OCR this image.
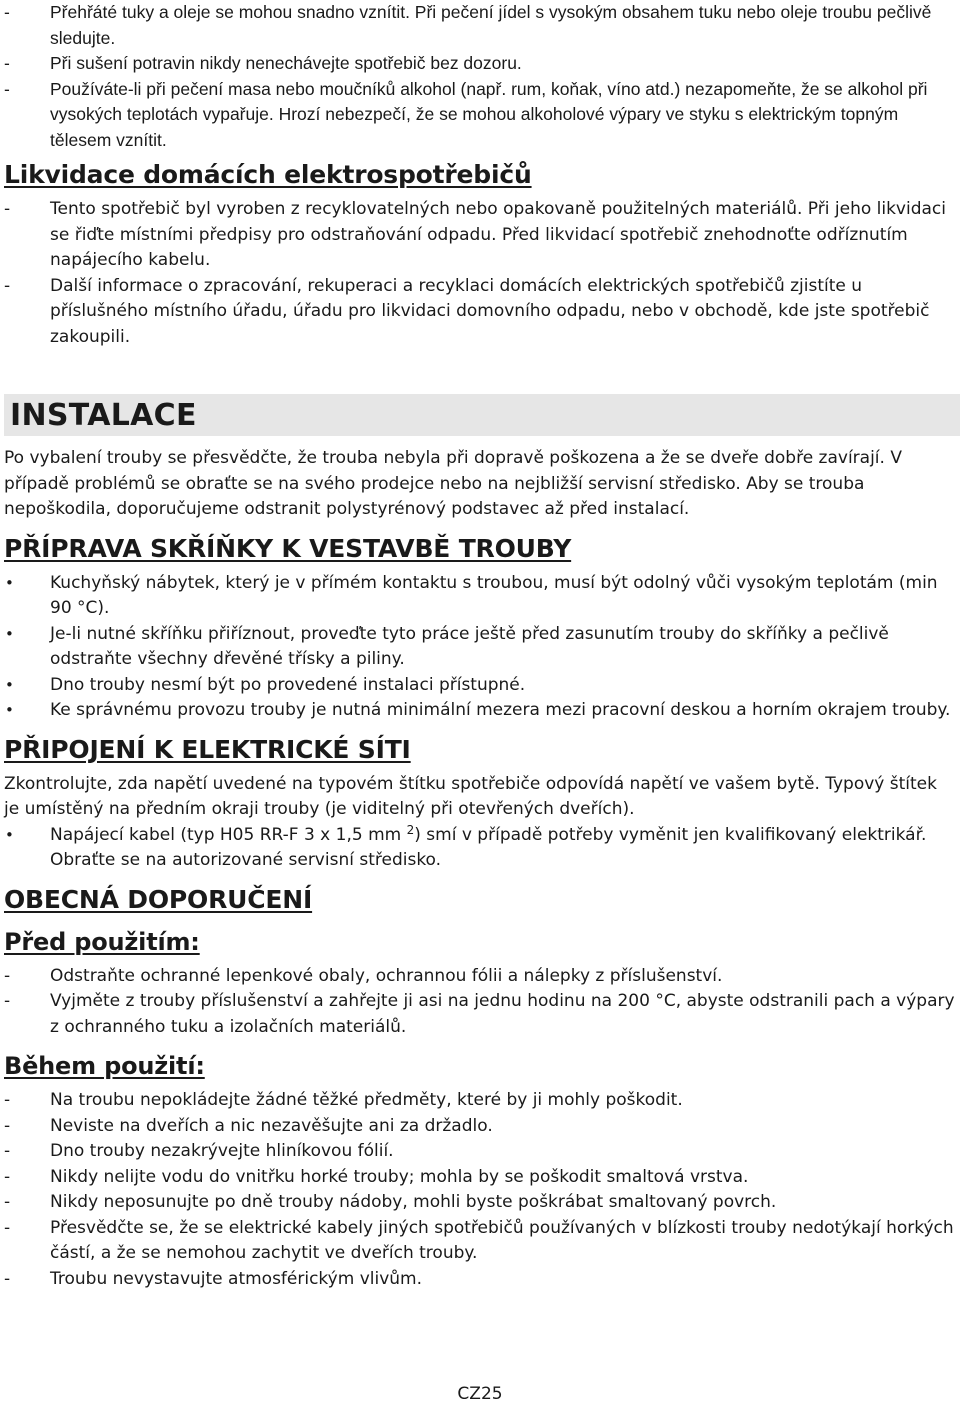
-	Přehřáté tuky a oleje se mohou snadno vznítit. Při pečení jídel s vysokým obsahem tuku nebo oleje troubu pečlivě sledujte.
-	Při sušení potravin nikdy nenechávejte spotřebič bez dozoru.
-	Používáte-li při pečení masa nebo moučníků alkohol (např. rum, koňak, víno atd.) nezapomeňte, že se alkohol při vysokých teplotách vypařuje. Hrozí nebezpečí, že se mohou alkoholové výpary ve styku s elektrickým topným tělesem vznítit.
Likvidace domácích elektrospotřebičů
-	Tento spotřebič byl vyroben z recyklovatelných nebo opakovaně použitelných materiálů. Při jeho likvidaci se řiďte místními předpisy pro odstraňování odpadu. Před likvidací spotřebič znehodnoťte odříznutím napájecího kabelu.
-	Další informace o zpracování, rekuperaci a recyklaci domácích elektrických spotřebičů zjistíte u příslušného místního úřadu, úřadu pro likvidaci domovního odpadu, nebo v obchodě, kde jste spotřebič zakoupili.
INSTALACE

Po vybalení trouby se přesvědčte, že trouba nebyla při dopravě poškozena a že se dveře dobře zavírají. V případě problémů se obraťte se na svého prodejce nebo na nejbližší servisní středisko. Aby se trouba nepoškodila, doporučujeme odstranit polystyrénový podstavec až před instalací.

PŘÍPRAVA SKŘÍŇKY K VESTAVBĚ TROUBY
•	Kuchyňský nábytek, který je v přímém kontaktu s troubou, musí být odolný vůči vysokým teplotám (min 90 °C).
•	Je-li nutné skříňku přiříznout, proveďte tyto práce ještě před zasunutím trouby do skříňky a pečlivě odstraňte všechny dřevěné třísky a piliny.
•	Dno trouby nesmí být po provedené instalaci přístupné.
•	Ke správnému provozu trouby je nutná minimální mezera mezi pracovní deskou a horním okrajem trouby.
PŘIPOJENÍ K ELEKTRICKÉ SÍTI

Zkontrolujte, zda napětí uvedené na typovém štítku spotřebiče odpovídá napětí ve vašem bytě. Typový štítek je umístěný na předním okraji trouby (je viditelný při otevřených dveřích).

•	Napájecí kabel (typ H05 RR-F 3 x 1,5 mm $^2$) smí v případě potřeby vyměnit jen kvalifikovaný elektrikář. Obraťte se na autorizované servisní středisko.
OBECNÁ DOPORUČENÍ
Před použitím:
-	Odstraňte ochranné lepenkové obaly, ochrannou fólii a nálepky z příslušenství.
-	Vyjměte z trouby příslušenství a zahřejte ji asi na jednu hodinu na 200 °C, abyste odstranili pach a výpary z ochranného tuku a izolačních materiálů.
Během použití:
-	Na troubu nepokládejte žádné těžké předměty, které by ji mohly poškodit.
-	Neviste na dveřích a nic nezavěšujte ani za držadlo.
-	Dno trouby nezakrývejte hliníkovou fólií.
-	Nikdy nelijte vodu do vnitřku horké trouby; mohla by se poškodit smaltová vrstva.
-	Nikdy neposunujte po dně trouby nádoby, mohli byste poškrábat smaltovaný povrch.
-	Přesvědčte se, že se elektrické kabely jiných spotřebičů používaných v blízkosti trouby nedotýkají horkých částí, a že se nemohou zachytit ve dveřích trouby.
-	Troubu nevystavujte atmosférickým vlivům.
CZ25
